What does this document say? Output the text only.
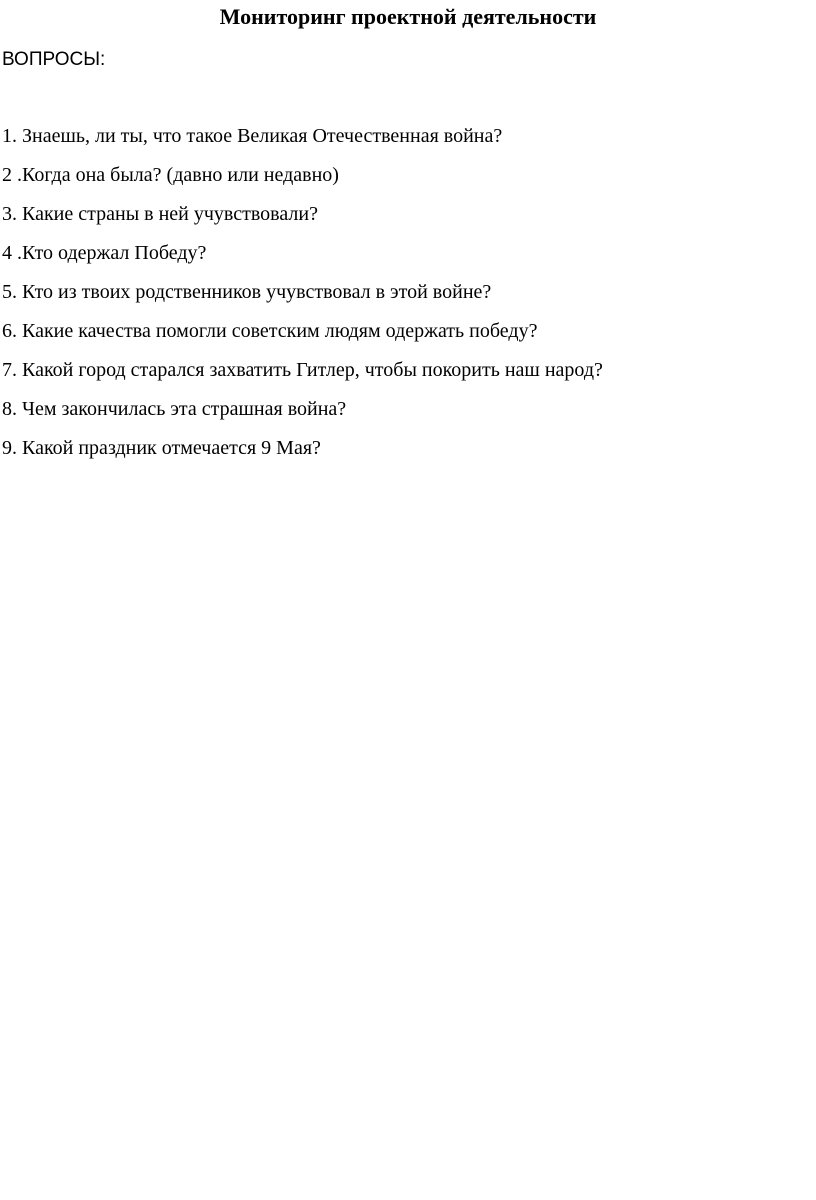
Мониторинг проектной деятельности
ВОПРОСЫ:
1. Знаешь, ли ты, что такое Великая Отечественная война?
2 .Когда она была? (давно или недавно)
3. Какие страны в ней учувствовали?
4 .Кто одержал Победу?
5. Кто из твоих родственников учувствовал в этой войне?
6. Какие качества помогли советским людям одержать победу?
7. Какой город старался захватить Гитлер, чтобы покорить наш народ?
8. Чем закончилась эта страшная война?
9. Какой праздник отмечается 9 Мая?
